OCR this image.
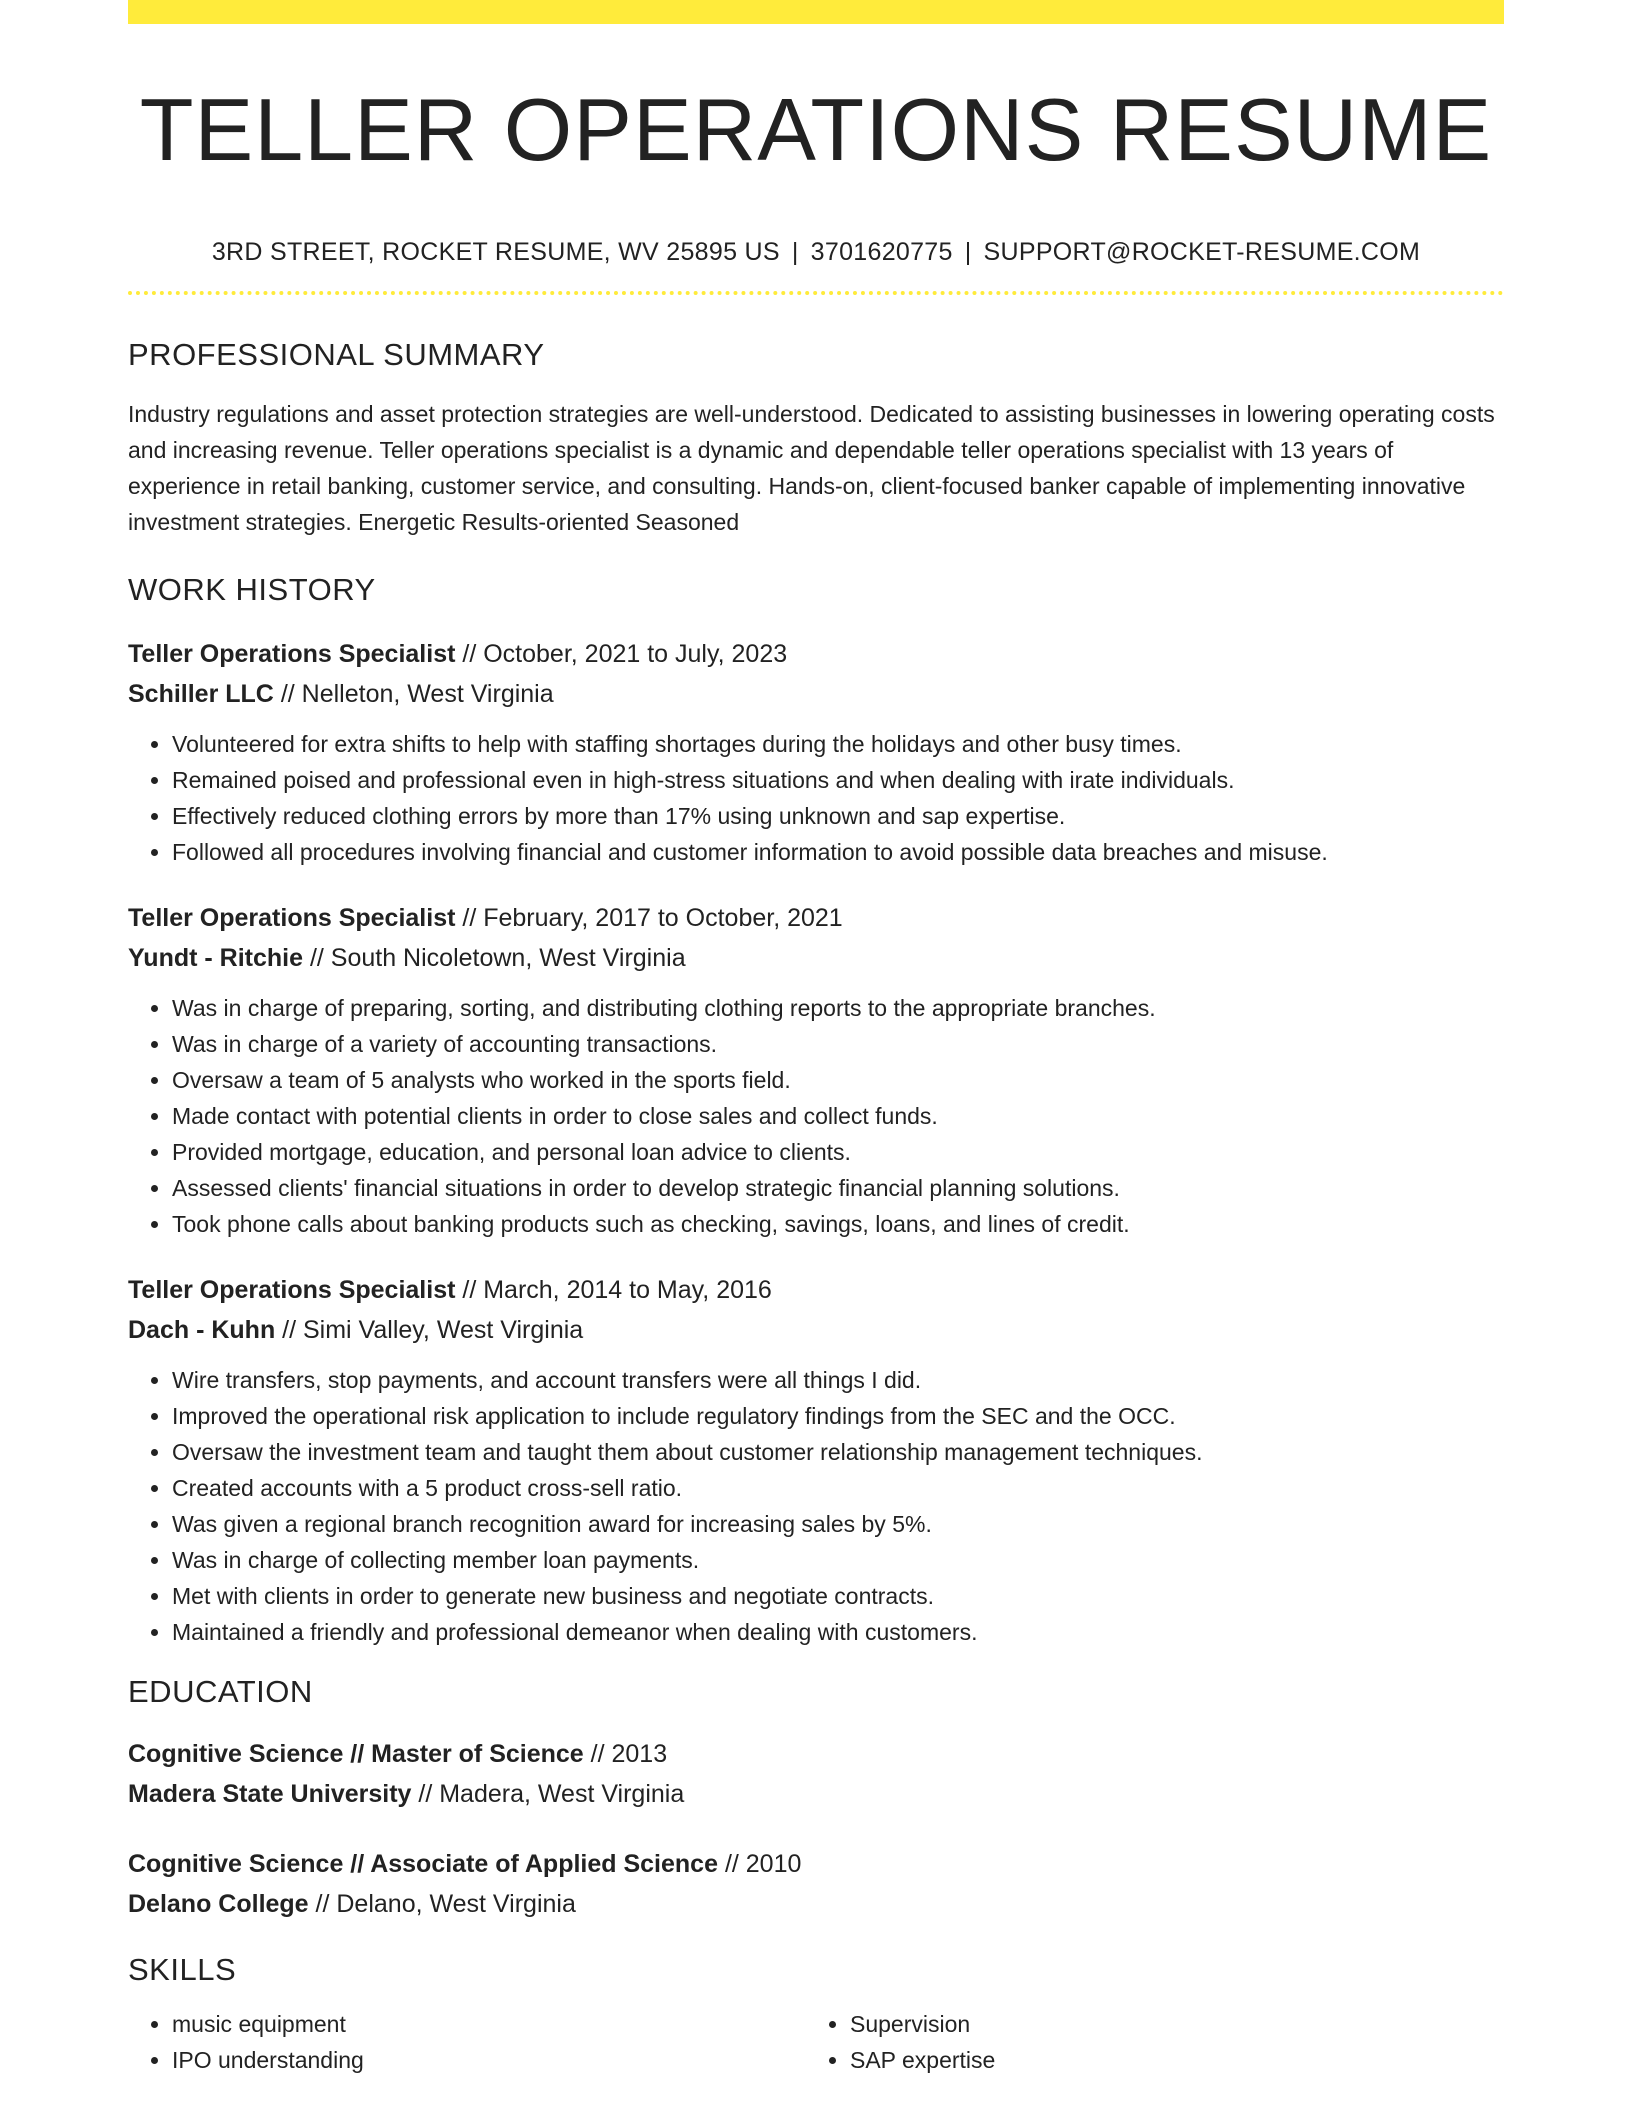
TELLER OPERATIONS RESUME
3RD STREET, ROCKET RESUME, WV 25895 US | 3701620775 | SUPPORT@ROCKET-RESUME.COM
PROFESSIONAL SUMMARY
Industry regulations and asset protection strategies are well-understood. Dedicated to assisting businesses in lowering operating costs and increasing revenue. Teller operations specialist is a dynamic and dependable teller operations specialist with 13 years of experience in retail banking, customer service, and consulting. Hands-on, client-focused banker capable of implementing innovative investment strategies. Energetic Results-oriented Seasoned
WORK HISTORY
Teller Operations Specialist // October, 2021 to July, 2023
Schiller LLC // Nelleton, West Virginia
• Volunteered for extra shifts to help with staffing shortages during the holidays and other busy times.
• Remained poised and professional even in high-stress situations and when dealing with irate individuals.
• Effectively reduced clothing errors by more than 17% using unknown and sap expertise.
• Followed all procedures involving financial and customer information to avoid possible data breaches and misuse.
Teller Operations Specialist // February, 2017 to October, 2021
Yundt - Ritchie // South Nicoletown, West Virginia
• Was in charge of preparing, sorting, and distributing clothing reports to the appropriate branches.
• Was in charge of a variety of accounting transactions.
• Oversaw a team of 5 analysts who worked in the sports field.
• Made contact with potential clients in order to close sales and collect funds.
• Provided mortgage, education, and personal loan advice to clients.
• Assessed clients' financial situations in order to develop strategic financial planning solutions.
• Took phone calls about banking products such as checking, savings, loans, and lines of credit.
Teller Operations Specialist // March, 2014 to May, 2016
Dach - Kuhn // Simi Valley, West Virginia
• Wire transfers, stop payments, and account transfers were all things I did.
• Improved the operational risk application to include regulatory findings from the SEC and the OCC.
• Oversaw the investment team and taught them about customer relationship management techniques.
• Created accounts with a 5 product cross-sell ratio.
• Was given a regional branch recognition award for increasing sales by 5%.
• Was in charge of collecting member loan payments.
• Met with clients in order to generate new business and negotiate contracts.
• Maintained a friendly and professional demeanor when dealing with customers.
EDUCATION
Cognitive Science // Master of Science // 2013
Madera State University // Madera, West Virginia
Cognitive Science // Associate of Applied Science // 2010
Delano College // Delano, West Virginia
SKILLS
• music equipment
• IPO understanding
• Supervision
• SAP expertise
